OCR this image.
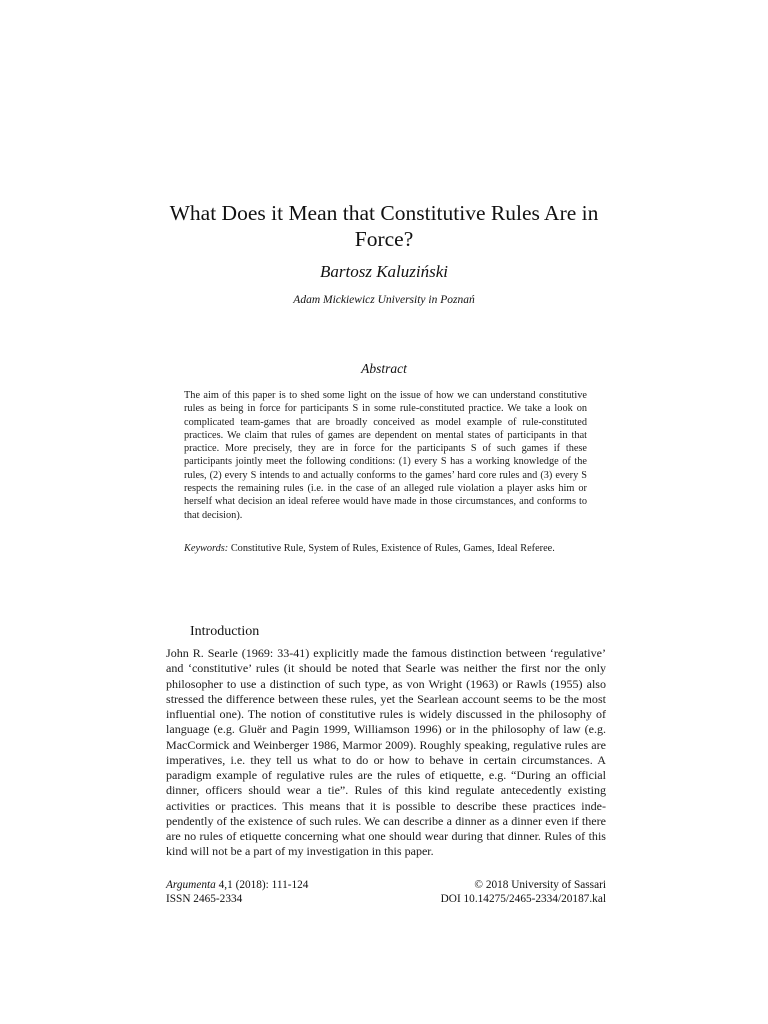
What Does it Mean that Constitutive Rules Are in Force?
Bartosz Kaluziński
Adam Mickiewicz University in Poznań
Abstract

The aim of this paper is to shed some light on the issue of how we can understand constitutive rules as being in force for participants S in some rule-constituted practice. We take a look on complicated team-games that are broadly conceived as model example of rule-constituted practices. We claim that rules of games are dependent on mental states of participants in that practice. More precisely, they are in force for the participants S of such games if these participants jointly meet the following conditions: (1) every S has a working knowledge of the rules, (2) every S intends to and actually conforms to the games’ hard core rules and (3) every S respects the remaining rules (i.e. in the case of an alleged rule violation a player asks him or herself what decision an ideal referee would have made in those circumstances, and conforms to that decision).

Keywords: Constitutive Rule, System of Rules, Existence of Rules, Games, Ideal Referee.

Introduction

John R. Searle (1969: 33-41) explicitly made the famous distinction between ‘regulative’ and ‘constitutive’ rules (it should be noted that Searle was neither the first nor the only philosopher to use a distinction of such type, as von Wright (1963) or Rawls (1955) also stressed the difference between these rules, yet the Searlean account seems to be the most influential one). The notion of constitutive rules is widely discussed in the philosophy of language (e.g. Gluër and Pagin 1999, Williamson 1996) or in the philosophy of law (e.g. MacCormick and Weinberger 1986, Marmor 2009). Roughly speaking, regulative rules are imperatives, i.e. they tell us what to do or how to behave in certain circumstances. A paradigm example of regulative rules are the rules of etiquette, e.g. “During an official dinner, officers should wear a tie”. Rules of this kind regulate antecedently existing activities or practices. This means that it is possible to describe these practices independently of the existence of such rules. We can describe a dinner as a dinner even if there are no rules of etiquette concerning what one should wear during that dinner. Rules of this kind will not be a part of my investigation in this paper.

Argumenta 4,1 (2018): 111-124	© 2018 University of Sassari
ISSN 2465-2334	DOI 10.14275/2465-2334/20187.kal
